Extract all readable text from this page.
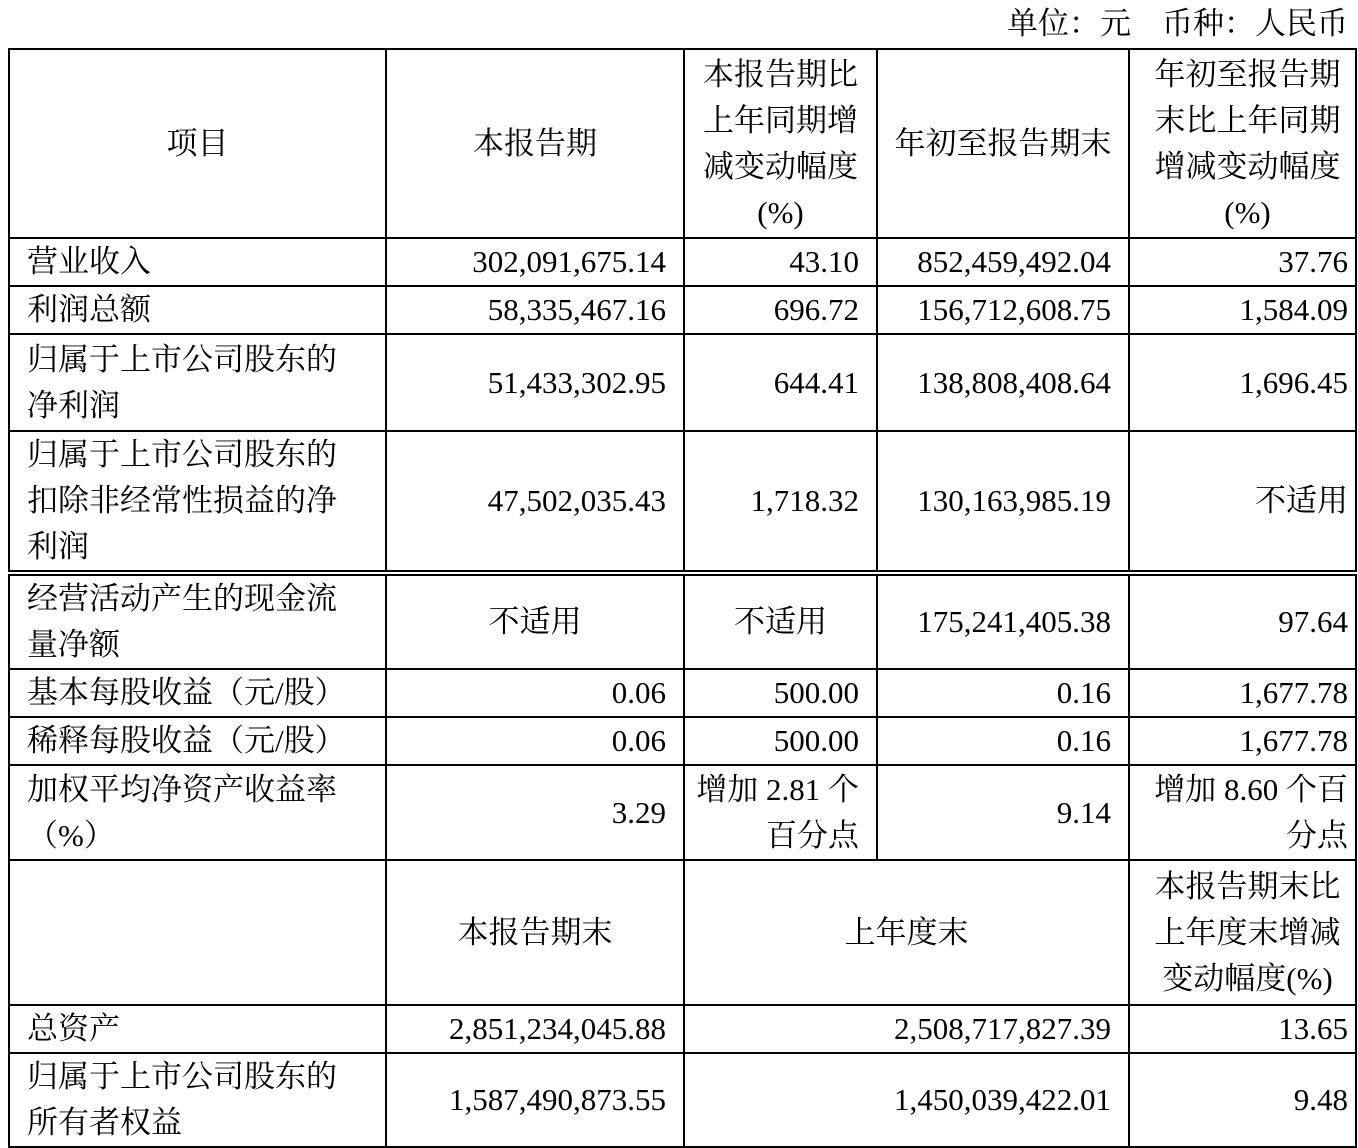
单位：元　币种：人民币
项目	本报告期	本报告期比上年同期增减变动幅度(%)	年初至报告期末	年初至报告期末比上年同期增减变动幅度(%)
营业收入	302,091,675.14	43.10	852,459,492.04	37.76
利润总额	58,335,467.16	696.72	156,712,608.75	1,584.09
归属于上市公司股东的净利润	51,433,302.95	644.41	138,808,408.64	1,696.45
归属于上市公司股东的扣除非经常性损益的净利润	47,502,035.43	1,718.32	130,163,985.19	不适用
经营活动产生的现金流量净额	不适用	不适用	175,241,405.38	97.64
基本每股收益（元/股）	0.06	500.00	0.16	1,677.78
稀释每股收益（元/股）	0.06	500.00	0.16	1,677.78
加权平均净资产收益率（%）	3.29	增加 2.81 个百分点	9.14	增加 8.60 个百分点
	本报告期末	上年度末		本报告期末比上年度末增减变动幅度(%)
总资产	2,851,234,045.88	2,508,717,827.39		13.65
归属于上市公司股东的所有者权益	1,587,490,873.55	1,450,039,422.01		9.48
